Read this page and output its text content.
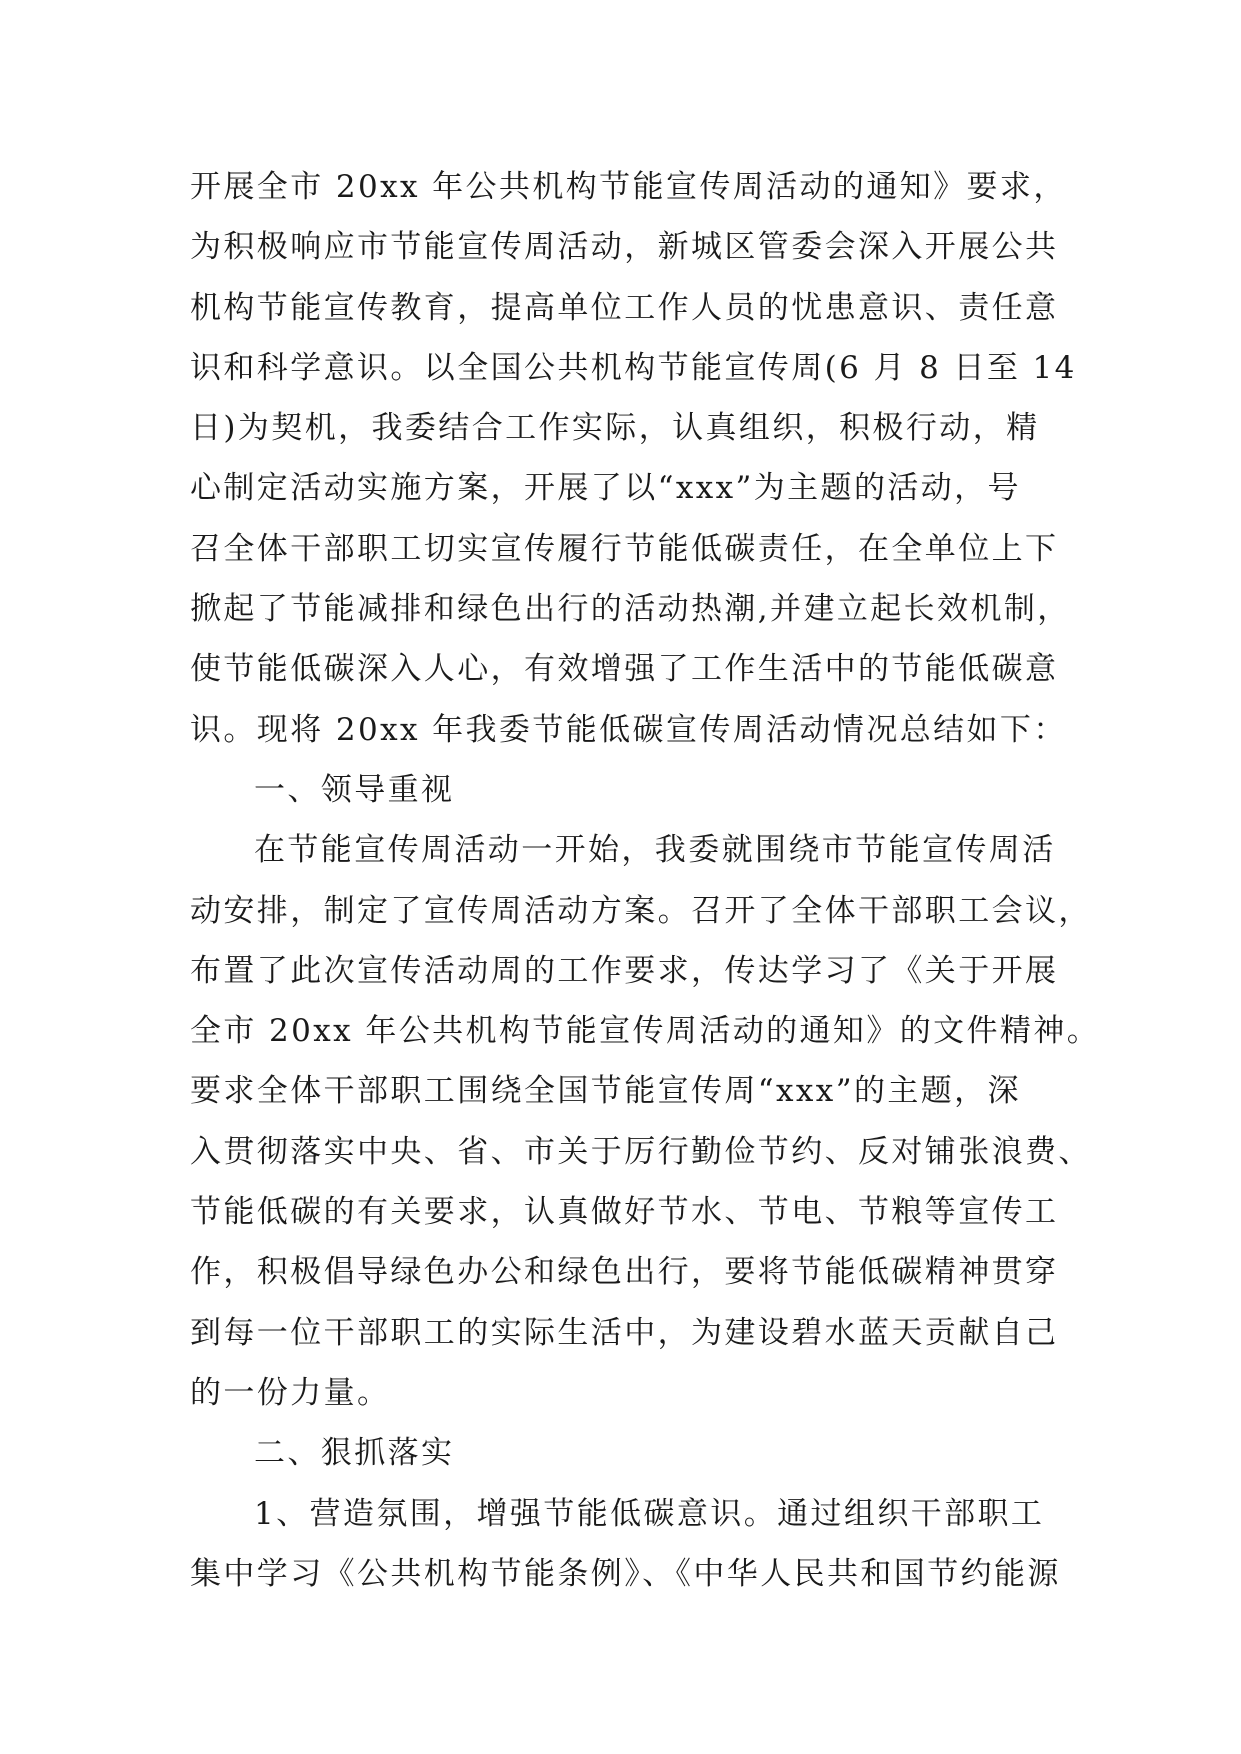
开展全市 20xx 年公共机构节能宣传周活动的通知》要求，
为积极响应市节能宣传周活动，新城区管委会深入开展公共
机构节能宣传教育，提高单位工作人员的忧患意识、责任意
识和科学意识。以全国公共机构节能宣传周(6 月 8 日至 14
日)为契机，我委结合工作实际，认真组织，积极行动，精
心制定活动实施方案，开展了以“xxx”为主题的活动，号
召全体干部职工切实宣传履行节能低碳责任，在全单位上下
掀起了节能减排和绿色出行的活动热潮,并建立起长效机制，
使节能低碳深入人心，有效增强了工作生活中的节能低碳意
识。现将 20xx 年我委节能低碳宣传周活动情况总结如下：
一、领导重视
在节能宣传周活动一开始，我委就围绕市节能宣传周活
动安排，制定了宣传周活动方案。召开了全体干部职工会议，
布置了此次宣传活动周的工作要求，传达学习了《关于开展
全市 20xx 年公共机构节能宣传周活动的通知》的文件精神。
要求全体干部职工围绕全国节能宣传周“xxx”的主题，深
入贯彻落实中央、省、市关于厉行勤俭节约、反对铺张浪费、
节能低碳的有关要求，认真做好节水、节电、节粮等宣传工
作，积极倡导绿色办公和绿色出行，要将节能低碳精神贯穿
到每一位干部职工的实际生活中，为建设碧水蓝天贡献自己
的一份力量。
二、狠抓落实
1、营造氛围，增强节能低碳意识。通过组织干部职工
集中学习《公共机构节能条例》、《中华人民共和国节约能源
